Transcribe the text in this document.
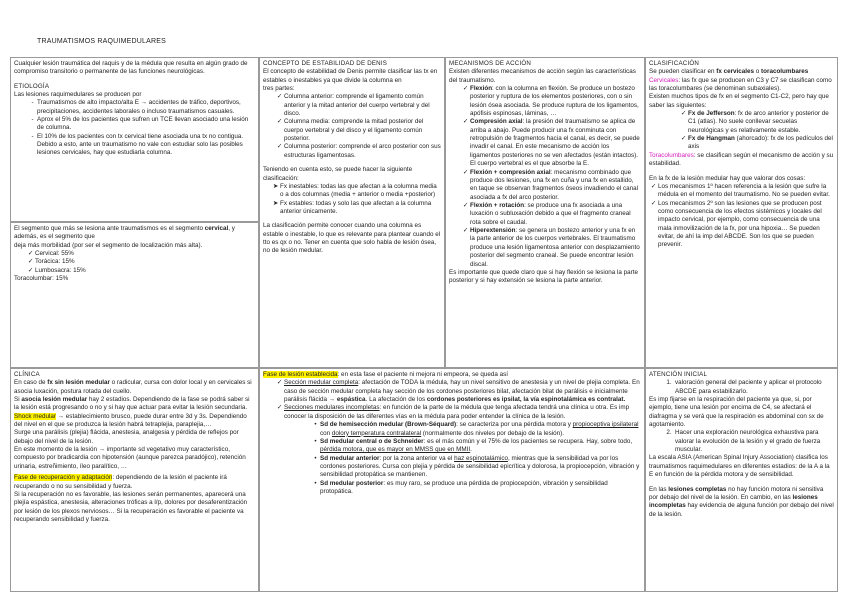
TRAUMATISMOS RAQUIMEDULARES
Cualquier lesión traumática del raquis y de la médula que resulta en algún grado de compromiso transitorio o permanente de las funciones neurológicas.
ETIOLOGÍA
Las lesiones raquimedulares se producen por
- Traumatismos de alto impacto/alta E → accidentes de tráfico, deportivos, precipitaciones, accidentes laborales o incluso traumatismos casuales.
- Aprox el 5% de los pacientes que sufren un TCE llevan asociado una lesión de columna.
- El 10% de los pacientes con tx cervical tiene asociada una tx no contigua. Debido a esto, ante un traumatismo no vale con estudiar solo las posibles lesiones cervicales, hay que estudiarla columna.
El segmento que más se lesiona ante traumatismos es el segmento cervical, y además, es el segmento que
deja más morbilidad (por ser el segmento de localización más alta).
✓ Cervical: 55%
✓ Torácica: 15%
✓ Lumbosacra: 15%
Toracolumbar: 15%
CONCEPTO DE ESTABILIDAD DE DENIS
El concepto de estabilidad de Denis permite clasificar las tx en estables o inestables ya que divide la columna en
tres partes:
✓ Columna anterior: comprende el ligamento común anterior y la mitad anterior del cuerpo vertebral y del disco.
✓ Columna media: comprende la mitad posterior del cuerpo vertebral y del disco y el ligamento común posterior.
✓ Columna posterior: comprende el arco posterior con sus estructuras ligamentosas.
Teniendo en cuenta esto, se puede hacer la siguiente clasificación:
➤ Fx inestables: todas las que afectan a la columna media o a dos columnas (media + anterior o media +posterior)
➤ Fx estables: todas y solo las que afectan a la columna anterior únicamente.
La clasificación permite conocer cuando una columna es estable o inestable, lo que es relevante para plantear cuando el tto es qx o no. Tener en cuenta que solo habla de lesión ósea, no de lesión medular.
MECANISMOS DE ACCIÓN
Existen diferentes mecanismos de acción según las características del traumatismo.
✓ Flexión: con la columna en flexión. Se produce un bostezo posterior y ruptura de los elementos posteriores, con o sin lesión ósea asociada. Se produce ruptura de los ligamentos, apófisis espinosas, láminas, …
✓ Compresión axial: la presión del traumatismo se aplica de arriba a abajo. Puede producir una fx conminuta con retropulsión de fragmentos hacia el canal, es decir, se puede invadir el canal. En este mecanismo de acción los ligamentos posteriores no se ven afectados (están intactos). El cuerpo vertebral es el que absorbe la E.
✓ Flexión + compresión axial: mecanismo combinado que produce dos lesiones, una fx en cuña y una fx en estallido, en taque se observan fragmentos óseos invadiendo el canal asociada a fx del arco posterior.
✓ Flexión + rotación: se produce una fx asociada a una luxación o subluxación debido a que el fragmento craneal rota sobre el caudal.
✓ Hiperextensión: se genera un bostezo anterior y una fx en la parte anterior de los cuerpos vertebrales. El traumatismo produce una lesión ligamentosa anterior con desplazamiento posterior del segmento craneal. Se puede encontrar lesión discal.
Es importante que quede claro que si hay flexión se lesiona la parte posterior y si hay extensión se lesiona la parte anterior.
CLASIFICACIÓN
Se pueden clasificar en fx cervicales o toracolumbares
Cervicales: las fx que se producen en C3 y C7 se clasifican como las toracolumbares (se denominan subaxiales).
Existen muchos tipos de fx en el segmento C1-C2, pero hay que saber las siguientes:
✓ Fx de Jefferson: fx de arco anterior y posterior de C1 (atlas). No suele conllevar secuelas neurológicas y es relativamente estable.
✓ Fx de Hangman (ahorcado): fx de los pedículos del axis
Toracolumbares: se clasifican según el mecanismo de acción y su estabilidad.
En la fx de la lesión medular hay que valorar dos cosas:
✓ Los mecanismos 1º hacen referencia a la lesión que sufre la médula en el momento del traumatismo. No se pueden evitar.
✓ Los mecanismos 2º son las lesiones que se producen post como consecuencia de los efectos sistémicos y locales del impacto cervical, por ejemplo, como consecuencia de una mala inmovilización de la fx, por una hipoxia… Se pueden evitar, de ahí la imp del ABCDE. Son los que se pueden prevenir.
CLÍNICA
En caso de fx sin lesión medular o radicular, cursa con dolor local y en cervicales si asocia luxación, postura rotada del cuello.
Si asocia lesión medular hay 2 estadios. Dependiendo de la fase se podrá saber si la lesión está progresando o no y si hay que actuar para evitar la lesión secundaria.
Shock medular → establecimiento brusco, puede durar entre 3d y 3s. Dependiendo del nivel en el que se produzca la lesión habrá tetraplejia, paraplejia,…
Surge una parálisis (plejia) flácida, anestesia, analgesia y pérdida de reflejos por debajo del nivel de la lesión.
En este momento de la lesión → importante sd vegetativo muy característico, compuesto por bradicardia con hipotensión (aunque parezca paradójico), retención urinaria, estreñimiento, íleo paralítico, …
Fase de recuperación y adaptación: dependiendo de la lesión el paciente irá recuperando o no su sensibilidad y fuerza.
Si la recuperación no es favorable, las lesiones serán permanentes, aparecerá una plejía espástica, anestesia, alteraciones tróficas a l/p, dolores por desaferentización por lesión de los plexos nerviosos… Si la recuperación es favorable el paciente va recuperando sensibilidad y fuerza.
Fase de lesión establecida: en esta fase el paciente ni mejora ni empeora, se queda así
✓ Sección medular completa: afectación de TODA la médula, hay un nivel sensitivo de anestesia y un nivel de plejia completa. En caso de sección medular completa hay sección de los cordones posteriores bilat, afectación bilat de parálisis e inicialmente parálisis flácida → espástica. La afectación de los cordones posteriores es ipsilat, la vía espinotalámica es contralat.
✓ Secciones medulares incompletas: en función de la parte de la médula que tenga afectada tendrá una clínica u otra. Es imp conocer la disposición de las diferentes vías en la médula para poder entender la clínica de la lesión.
• Sd de hemisección medular (Brown-Séquard): se caracteriza por una pérdida motora y propioceptiva ipsilateral con dolory temperatura contralateral (normalmente dos niveles por debajo de la lesión).
• Sd medular central o de Schneider: es el más común y el 75% de los pacientes se recupera. Hay, sobre todo, pérdida motora, que es mayor en MMSS que en MMII.
• Sd medular anterior: por la zona anterior va el haz espinotalámico, mientras que la sensibilidad va por los cordones posteriores. Cursa con plejia y pérdida de sensibilidad epicrítica y dolorosa, la propiocepción, vibración y sensibilidad protopática se mantienen.
• Sd medular posterior: es muy raro, se produce una pérdida de propiocepción, vibración y sensibilidad protopática.
ATENCIÓN INICIAL
1. valoración general del paciente y aplicar el protocolo ABCDE para estabilizarlo.
Es imp fijarse en la respiración del paciente ya que, si, por ejemplo, tiene una lesión por encima de C4, se afectará el diafragma y se verá que la respiración es abdominal con sx de agotamiento.
2. Hacer una exploración neurológica exhaustiva para valorar la evolución de la lesión y el grado de fuerza muscular.
La escala ASIA (American Spinal Injury Association) clasifica los traumatismos raquimedulares en diferentes estadios: de la A a la E en función de la pérdida motora y de sensibilidad.
En las lesiones completas no hay función motora ni sensitiva por debajo del nivel de la lesión. En cambio, en las lesiones incompletas hay evidencia de alguna función por debajo del nivel de la lesión.
